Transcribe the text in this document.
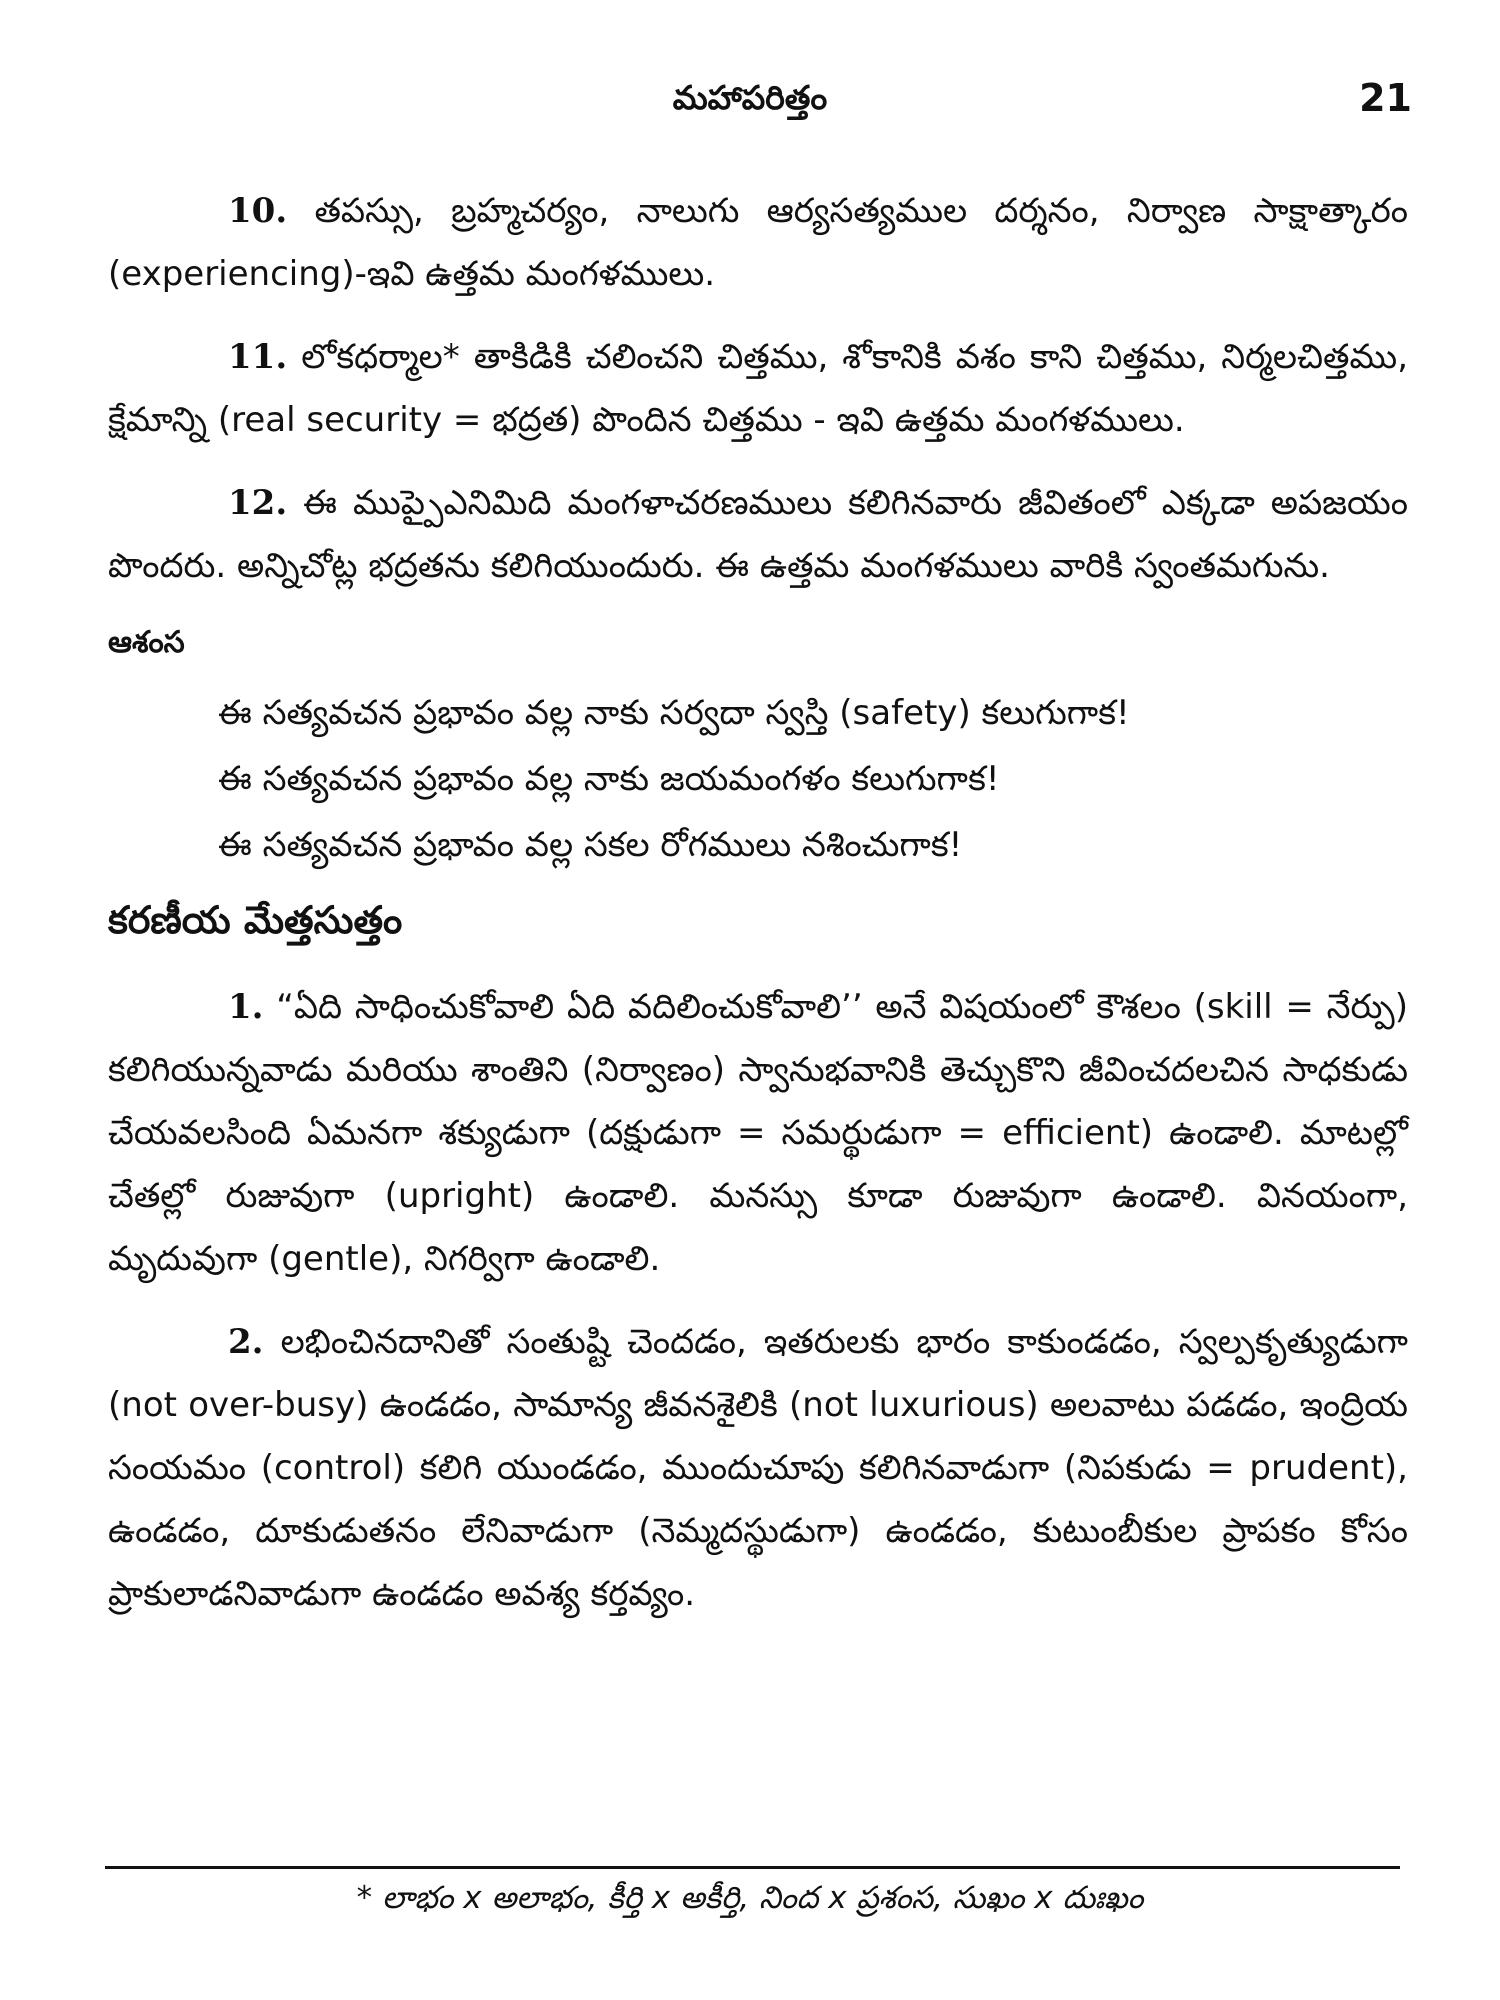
మహాపరిత్తం	21

10. తపస్సు, బ్రహ్మచర్యం, నాలుగు ఆర్యసత్యముల దర్శనం, నిర్వాణ సాక్షాత్కారం (experiencing)-ఇవి ఉత్తమ మంగళములు.

11. లోకధర్మాల* తాకిడికి చలించని చిత్తము, శోకానికి వశం కాని చిత్తము, నిర్మలచిత్తము, క్షేమాన్ని (real security = భద్రత) పొందిన చిత్తము - ఇవి ఉత్తమ మంగళములు.

12. ఈ ముప్పైఎనిమిది మంగళాచరణములు కలిగినవారు జీవితంలో ఎక్కడా అపజయం పొందరు. అన్నిచోట్ల భద్రతను కలిగియుందురు. ఈ ఉత్తమ మంగళములు వారికి స్వంతమగును.

ఆశంస
ఈ సత్యవచన ప్రభావం వల్ల నాకు సర్వదా స్వస్తి (safety) కలుగుగాక!
ఈ సత్యవచన ప్రభావం వల్ల నాకు జయమంగళం కలుగుగాక!
ఈ సత్యవచన ప్రభావం వల్ల సకల రోగములు నశించుగాక!
కరణీయ మేత్తసుత్తం

1. “ఏది సాధించుకోవాలి ఏది వదిలించుకోవాలి’’ అనే విషయంలో కౌశలం (skill = నేర్పు) కలిగియున్నవాడు మరియు శాంతిని (నిర్వాణం) స్వానుభవానికి తెచ్చుకొని జీవించదలచిన సాధకుడు చేయవలసింది ఏమనగా శక్యుడుగా (దక్షుడుగా = సమర్థుడుగా = efficient) ఉండాలి. మాటల్లో చేతల్లో రుజువుగా (upright) ఉండాలి. మనస్సు కూడా రుజువుగా ఉండాలి. వినయంగా, మృదువుగా (gentle), నిగర్విగా ఉండాలి.

2. లభించినదానితో సంతుష్టి చెందడం, ఇతరులకు భారం కాకుండడం, స్వల్పకృత్యుడుగా (not over-busy) ఉండడం, సామాన్య జీవనశైలికి (not luxurious) అలవాటు పడడం, ఇంద్రియ సంయమం (control) కలిగి యుండడం, ముందుచూపు కలిగినవాడుగా (నిపకుడు = prudent), ఉండడం, దూకుడుతనం లేనివాడుగా (నెమ్మదస్థుడుగా) ఉండడం, కుటుంబీకుల ప్రాపకం కోసం ప్రాకులాడనివాడుగా ఉండడం అవశ్య కర్తవ్యం.

* లాభం x అలాభం, కీర్తి x అకీర్తి, నింద x ప్రశంస, సుఖం x దుఃఖం
